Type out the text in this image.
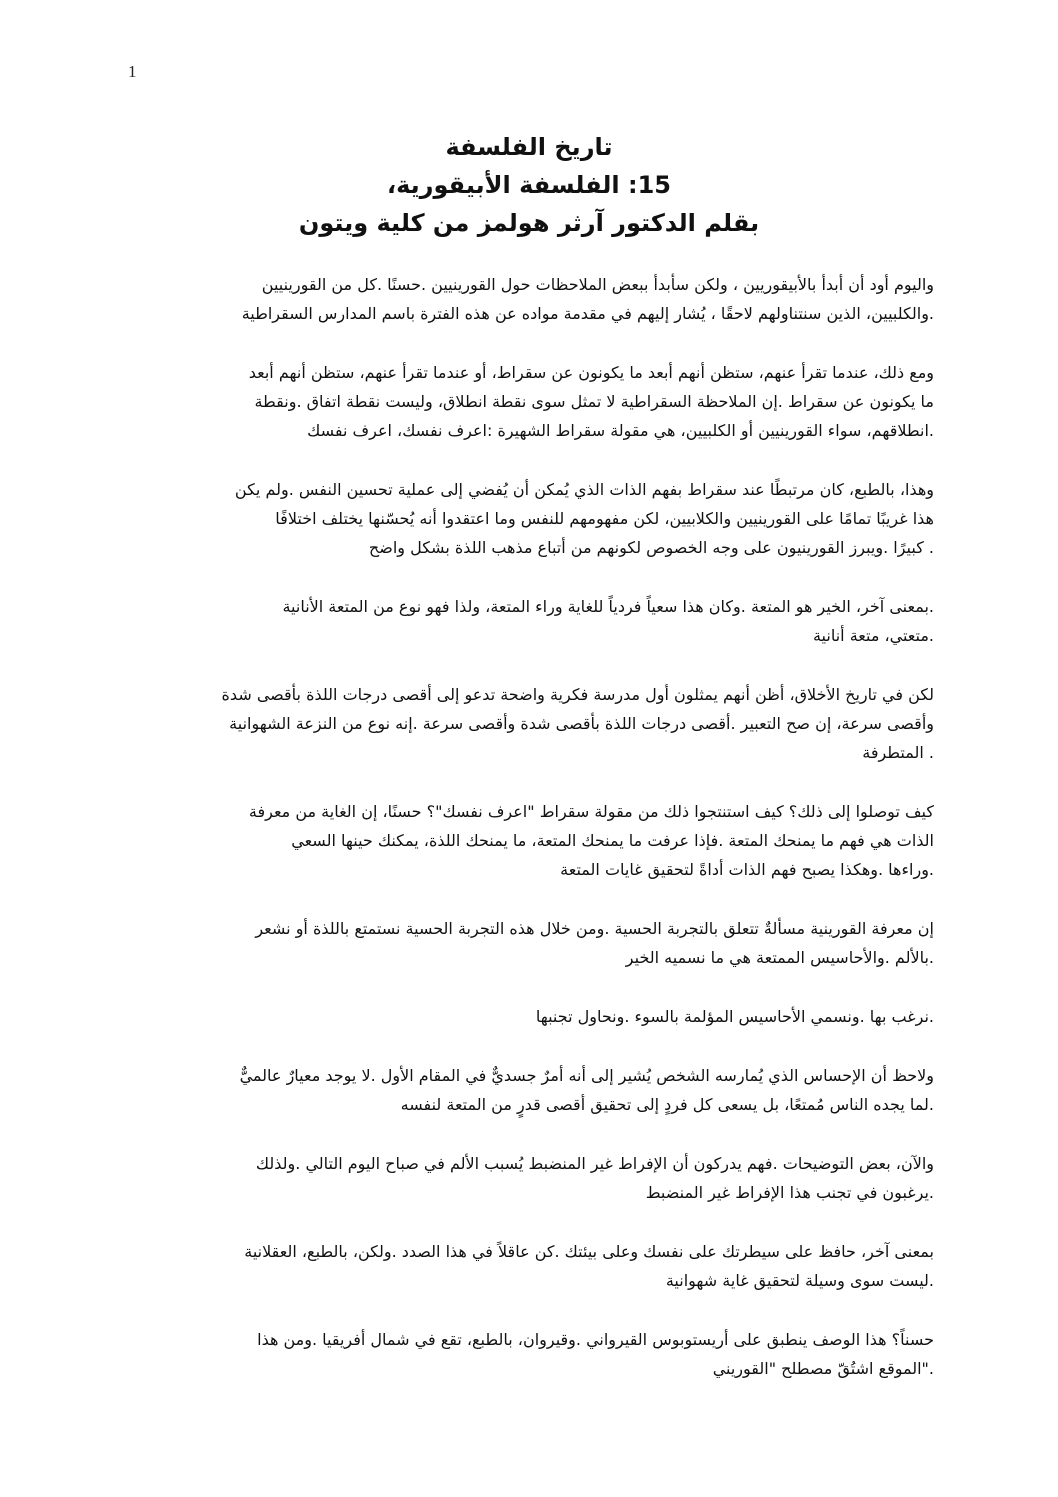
1

تاريخ الفلسفة

15: الفلسفة الأبيقورية،

بقلم الدكتور آرثر هولمز من كلية ويتون

واليوم أود أن أبدأ بالأبيقوريين ، ولكن سأبدأ ببعض الملاحظات حول القورينيين .حسنًا .كل من القورينيين
.والكلبيين، الذين سنتناولهم لاحقًا ، يُشار إليهم في مقدمة مواده عن هذه الفترة باسم المدارس السقراطية
ومع ذلك، عندما تقرأ عنهم، ستظن أنهم أبعد ما يكونون عن سقراط، أو عندما تقرأ عنهم، ستظن أنهم أبعد
ما يكونون عن سقراط .إن الملاحظة السقراطية لا تمثل سوى نقطة انطلاق، وليست نقطة اتفاق .ونقطة
.انطلاقهم، سواء القورينيين أو الكلبيين، هي مقولة سقراط الشهيرة :اعرف نفسك، اعرف نفسك
وهذا، بالطبع، كان مرتبطًا عند سقراط بفهم الذات الذي يُمكن أن يُفضي إلى عملية تحسين النفس .ولم يكن
هذا غريبًا تمامًا على القورينيين والكلابيين، لكن مفهومهم للنفس وما اعتقدوا أنه يُحسّنها يختلف اختلافًا
. كبيرًا .ويبرز القورينيون على وجه الخصوص لكونهم من أتباع مذهب اللذة بشكل واضح
.بمعنى آخر، الخير هو المتعة .وكان هذا سعياً فردياً للغاية وراء المتعة، ولذا فهو نوع من المتعة الأنانية
.متعتي، متعة أنانية
لكن في تاريخ الأخلاق، أظن أنهم يمثلون أول مدرسة فكرية واضحة تدعو إلى أقصى درجات اللذة بأقصى شدة
وأقصى سرعة، إن صح التعبير .أقصى درجات اللذة بأقصى شدة وأقصى سرعة .إنه نوع من النزعة الشهوانية
. المتطرفة
كيف توصلوا إلى ذلك؟ كيف استنتجوا ذلك من مقولة سقراط "اعرف نفسك"؟ حسنًا، إن الغاية من معرفة
الذات هي فهم ما يمنحك المتعة .فإذا عرفت ما يمنحك المتعة، ما يمنحك اللذة، يمكنك حينها السعي
.وراءها .وهكذا يصبح فهم الذات أداةً لتحقيق غايات المتعة
إن معرفة القورينية مسألةٌ تتعلق بالتجربة الحسية .ومن خلال هذه التجربة الحسية نستمتع باللذة أو نشعر
.بالألم .والأحاسيس الممتعة هي ما نسميه الخير
.نرغب بها .ونسمي الأحاسيس المؤلمة بالسوء .ونحاول تجنبها
ولاحظ أن الإحساس الذي يُمارسه الشخص يُشير إلى أنه أمرٌ جسديٌّ في المقام الأول .لا يوجد معيارٌ عالميٌّ
.لما يجده الناس مُمتعًا، بل يسعى كل فردٍ إلى تحقيق أقصى قدرٍ من المتعة لنفسه
والآن، بعض التوضيحات .فهم يدركون أن الإفراط غير المنضبط يُسبب الألم في صباح اليوم التالي .ولذلك
.يرغبون في تجنب هذا الإفراط غير المنضبط
بمعنى آخر، حافظ على سيطرتك على نفسك وعلى بيئتك .كن عاقلاً في هذا الصدد .ولكن، بالطبع، العقلانية
.ليست سوى وسيلة لتحقيق غاية شهوانية
حسناً؟ هذا الوصف ينطبق على أريستوبوس القيرواني .وقيروان، بالطبع، تقع في شمال أفريقيا .ومن هذا
."الموقع اشتُقّ مصطلح "القوريني
